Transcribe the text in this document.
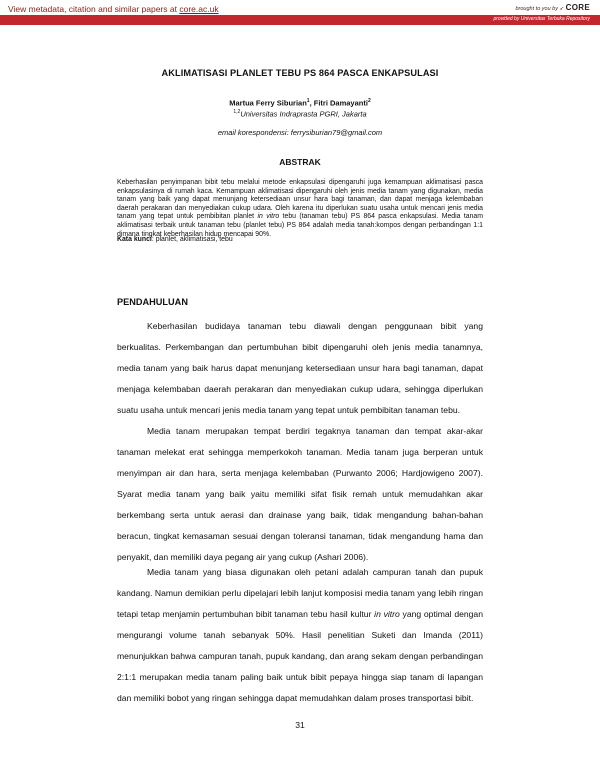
View metadata, citation and similar papers at core.ac.uk	brought to you by ➶ CORE
provided by Universitas Terbuka Repository
AKLIMATISASI PLANLET TEBU PS 864 PASCA ENKAPSULASI
Martua Ferry Siburian$^1$, Fitri Damayanti$^2$
$^{1,2}$Universitas Indraprasta PGRI, Jakarta
email korespondensi: ferrysiburian79@gmail.com
ABSTRAK
Keberhasilan penyimpanan bibit tebu melalui metode enkapsulasi dipengaruhi juga kemampuan aklimatisasi pasca enkapsulasinya di rumah kaca. Kemampuan aklimatisasi dipengaruhi oleh jenis media tanam yang digunakan, media tanam yang baik yang dapat menunjang ketersediaan unsur hara bagi tanaman, dan dapat menjaga kelembaban daerah perakaran dan menyediakan cukup udara. Oleh karena itu diperlukan suatu usaha untuk mencari jenis media tanam yang tepat untuk pembibitan planlet in vitro tebu (tanaman tebu) PS 864 pasca enkapsulasi. Media tanam aklimatisasi terbaik untuk tanaman tebu (planlet tebu) PS 864 adalah media tanah:kompos dengan perbandingan 1:1 dimana tingkat keberhasilan hidup mencapai 90%.
Kata kunci: planlet, aklimatisasi, tebu
PENDAHULUAN

Keberhasilan budidaya tanaman tebu diawali dengan penggunaan bibit yang berkualitas. Perkembangan dan pertumbuhan bibit dipengaruhi oleh jenis media tanamnya, media tanam yang baik harus dapat menunjang ketersediaan unsur hara bagi tanaman, dapat menjaga kelembaban daerah perakaran dan menyediakan cukup udara, sehingga diperlukan suatu usaha untuk mencari jenis media tanam yang tepat untuk pembibitan tanaman tebu.

Media tanam merupakan tempat berdiri tegaknya tanaman dan tempat akar-akar tanaman melekat erat sehingga memperkokoh tanaman. Media tanam juga berperan untuk menyimpan air dan hara, serta menjaga kelembaban (Purwanto 2006; Hardjowigeno 2007). Syarat media tanam yang baik yaitu memiliki sifat fisik remah untuk memudahkan akar berkembang serta untuk aerasi dan drainase yang baik, tidak mengandung bahan-bahan beracun, tingkat kemasaman sesuai dengan toleransi tanaman, tidak mengandung hama dan penyakit, dan memiliki daya pegang air yang cukup (Ashari 2006).

Media tanam yang biasa digunakan oleh petani adalah campuran tanah dan pupuk kandang. Namun demikian perlu dipelajari lebih lanjut komposisi media tanam yang lebih ringan tetapi tetap menjamin pertumbuhan bibit tanaman tebu hasil kultur in vitro yang optimal dengan mengurangi volume tanah sebanyak 50%. Hasil penelitian Suketi dan Imanda (2011) menunjukkan bahwa campuran tanah, pupuk kandang, dan arang sekam dengan perbandingan 2:1:1 merupakan media tanam paling baik untuk bibit pepaya hingga siap tanam di lapangan dan memiliki bobot yang ringan sehingga dapat memudahkan dalam proses transportasi bibit.

31
